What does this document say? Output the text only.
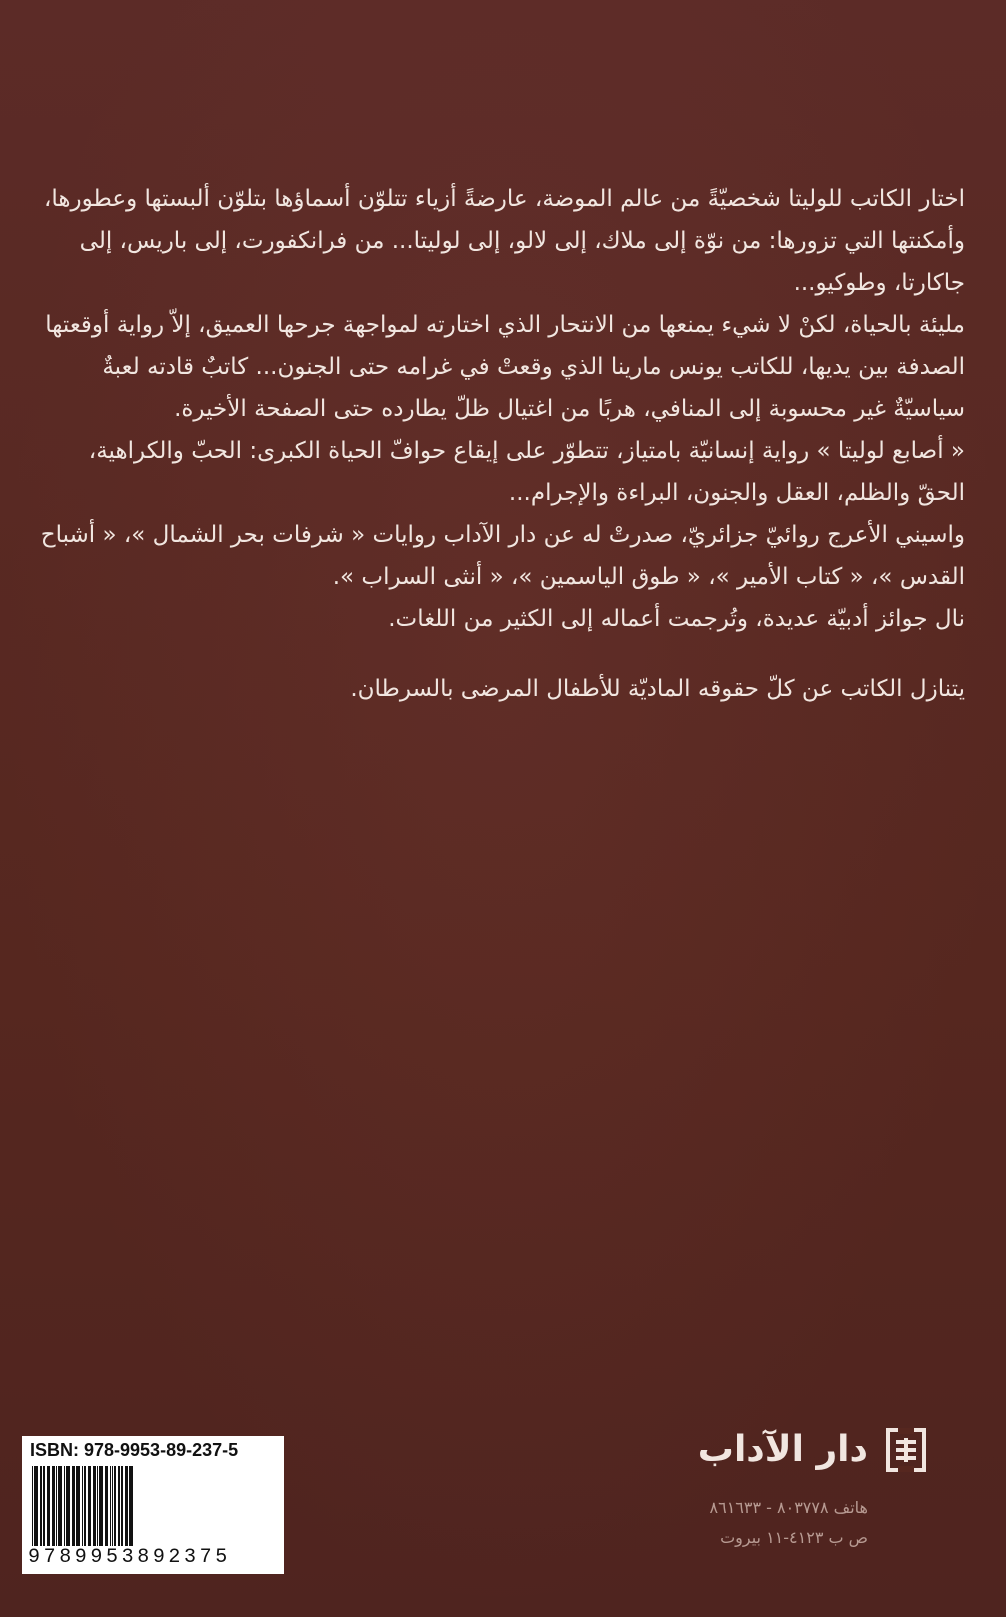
اختار الكاتب للوليتا شخصيّةً من عالم الموضة، عارضةً أزياء تتلوّن أسماؤها بتلوّن ألبستها وعطورها، وأمكنتها التي تزورها: من نوّة إلى ملاك، إلى لالو، إلى لوليتا... من فرانكفورت، إلى باريس، إلى جاكارتا، وطوكيو...

مليئة بالحياة، لكنْ لا شيء يمنعها من الانتحار الذي اختارته لمواجهة جرحها العميق، إلاّ رواية أوقعتها الصدفة بين يديها، للكاتب يونس مارينا الذي وقعتْ في غرامه حتى الجنون... كاتبٌ قادته لعبةٌ سياسيّةٌ غير محسوبة إلى المنافي، هربًا من اغتيال ظلّ يطارده حتى الصفحة الأخيرة.

« أصابع لوليتا » رواية إنسانيّة بامتياز، تتطوّر على إيقاع حوافّ الحياة الكبرى: الحبّ والكراهية، الحقّ والظلم، العقل والجنون، البراءة والإجرام...

واسيني الأعرج روائيّ جزائريّ، صدرتْ له عن دار الآداب روايات « شرفات بحر الشمال »، « أشباح القدس »، « كتاب الأمير »، « طوق الياسمين »، « أنثى السراب ».

نال جوائز أدبيّة عديدة، وتُرجمت أعماله إلى الكثير من اللغات.

يتنازل الكاتب عن كلّ حقوقه الماديّة للأطفال المرضى بالسرطان.

دار الآداب
هاتف ٨٠٣٧٧٨ - ٨٦١٦٣٣
ص ب ٤١٢٣-١١ بيروت
ISBN: 978-9953-89-237-5
9789953892375
